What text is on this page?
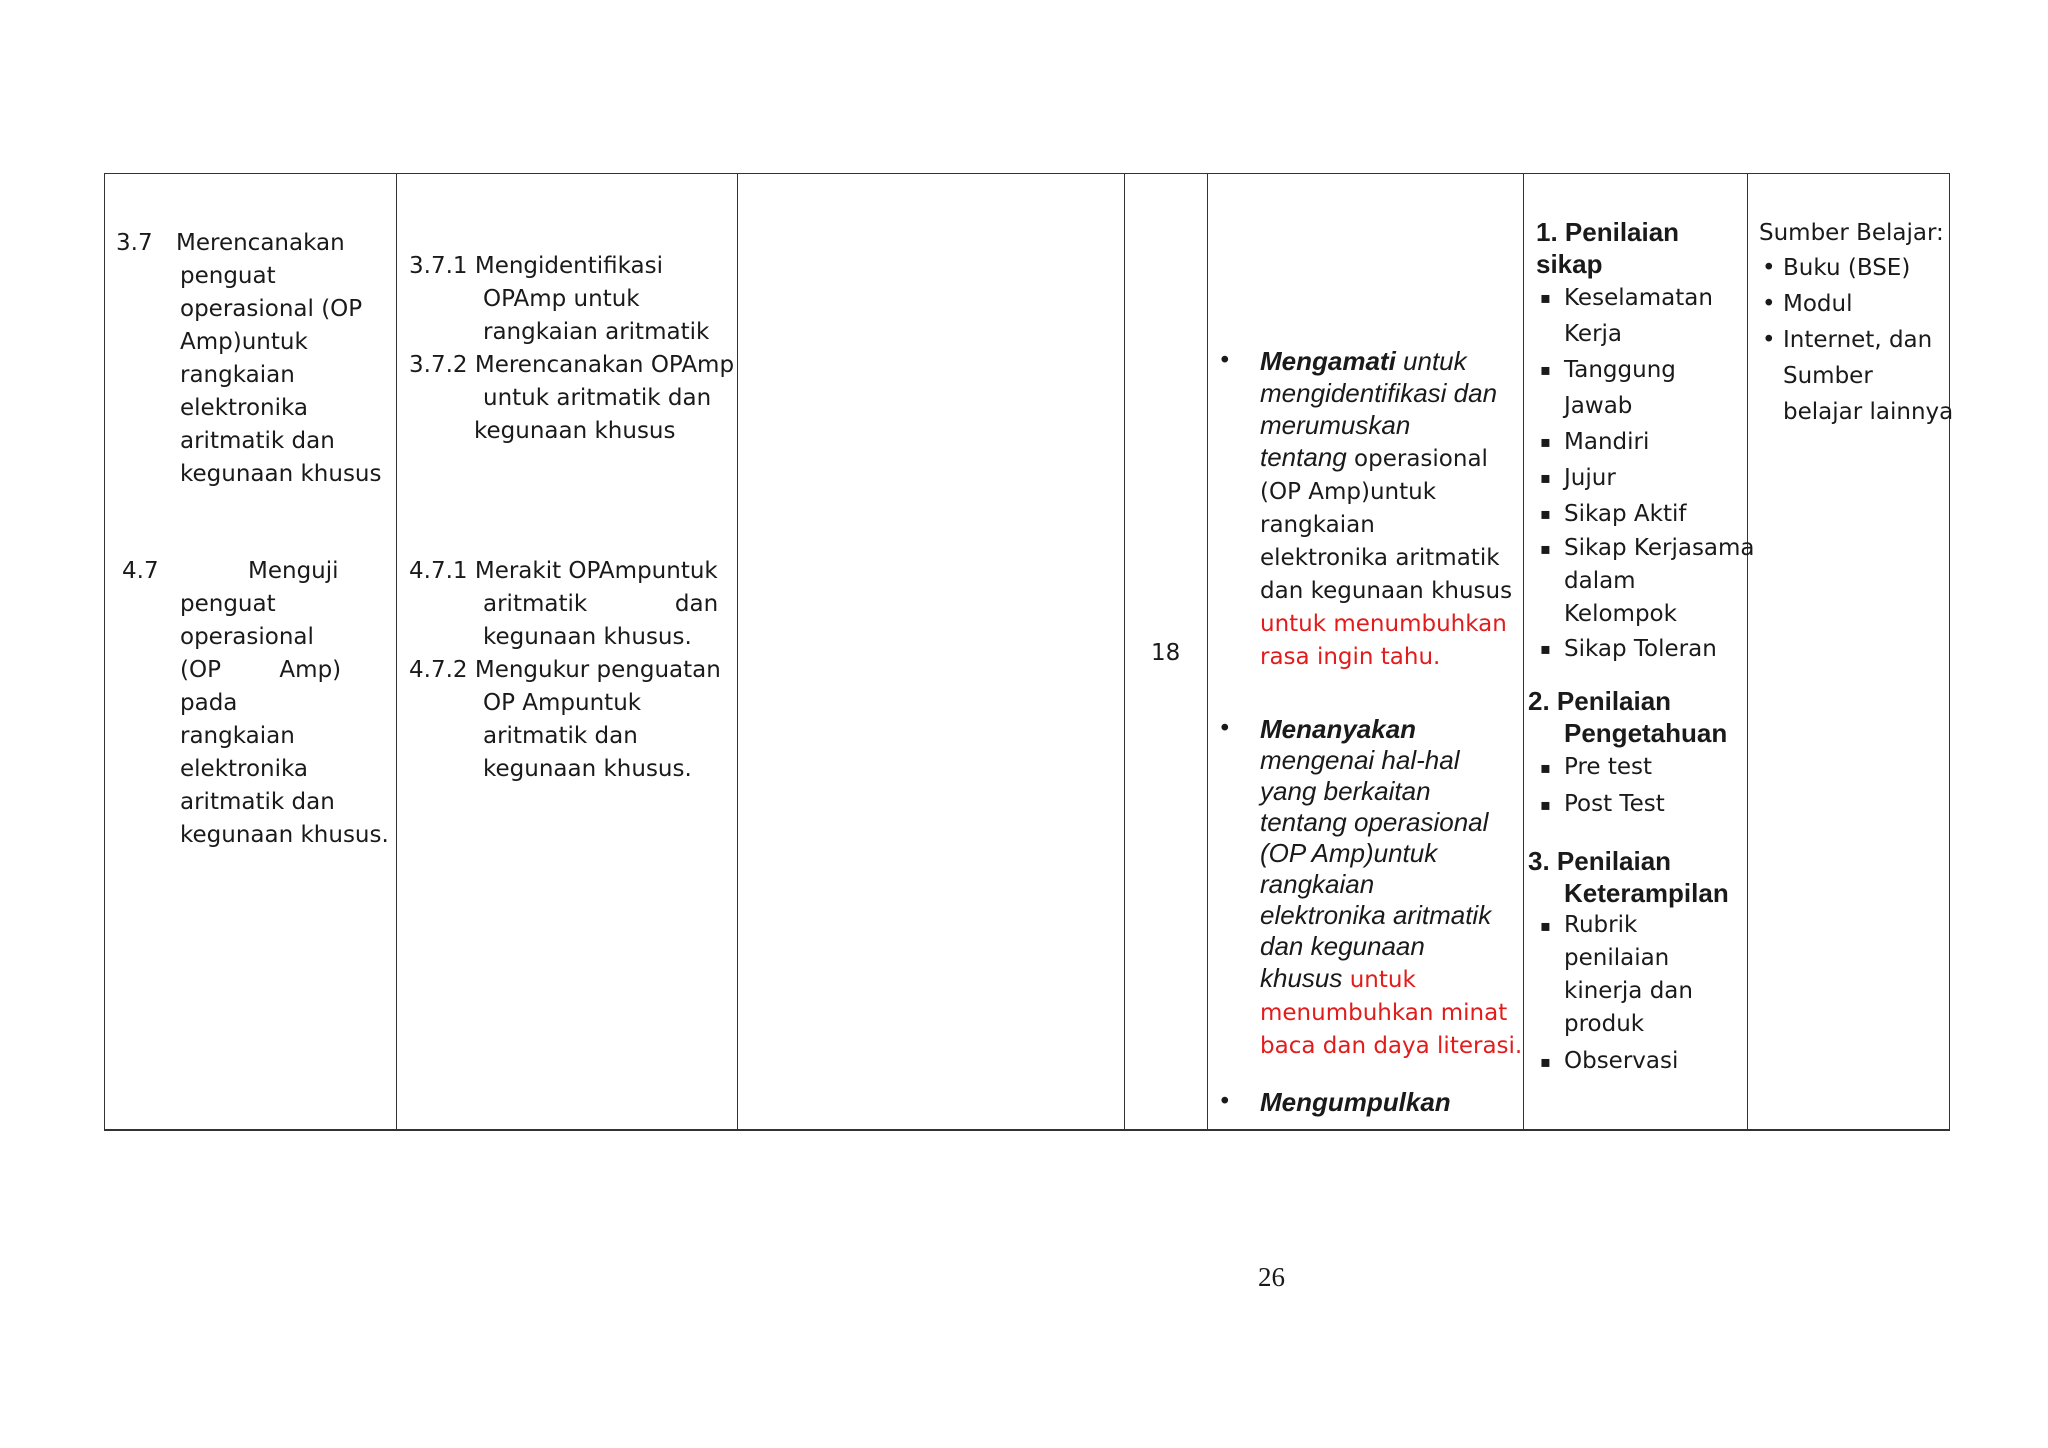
3.7 Merencanakan
penguat
operasional (OP
Amp)untuk
rangkaian
elektronika
aritmatik dan
kegunaan khusus
4.7	Menguji
penguat
operasional
(OP        Amp)
pada
rangkaian
elektronika
aritmatik dan
kegunaan khusus.
3.7.1 Mengidentifikasi
OPAmp untuk
rangkaian aritmatik
3.7.2 Merencanakan OPAmp
untuk aritmatik dan
kegunaan khusus
4.7.1 Merakit OPAmpuntuk
aritmatik            dan
kegunaan khusus.
4.7.2 Mengukur penguatan
OP Ampuntuk
aritmatik dan
kegunaan khusus.
18
• Mengamati untuk
mengidentifikasi dan
merumuskan
tentang operasional
(OP Amp)untuk
rangkaian
elektronika aritmatik
dan kegunaan khusus
untuk menumbuhkan
rasa ingin tahu.
• Menanyakan
mengenai hal-hal
yang berkaitan
tentang operasional
(OP Amp)untuk
rangkaian
elektronika aritmatik
dan kegunaan
khusus untuk
menumbuhkan minat
baca dan daya literasi.
• Mengumpulkan
1. Penilaian
sikap
▪ Keselamatan
Kerja
▪ Tanggung
Jawab
▪ Mandiri
▪ Jujur
▪ Sikap Aktif
▪ Sikap Kerjasama
dalam
Kelompok
▪ Sikap Toleran
2. Penilaian
Pengetahuan
▪ Pre test
▪ Post Test
3. Penilaian
Keterampilan
▪ Rubrik
penilaian
kinerja dan
produk
▪ Observasi
Sumber Belajar:
• Buku (BSE)
• Modul
• Internet, dan
Sumber
belajar lainnya
26
